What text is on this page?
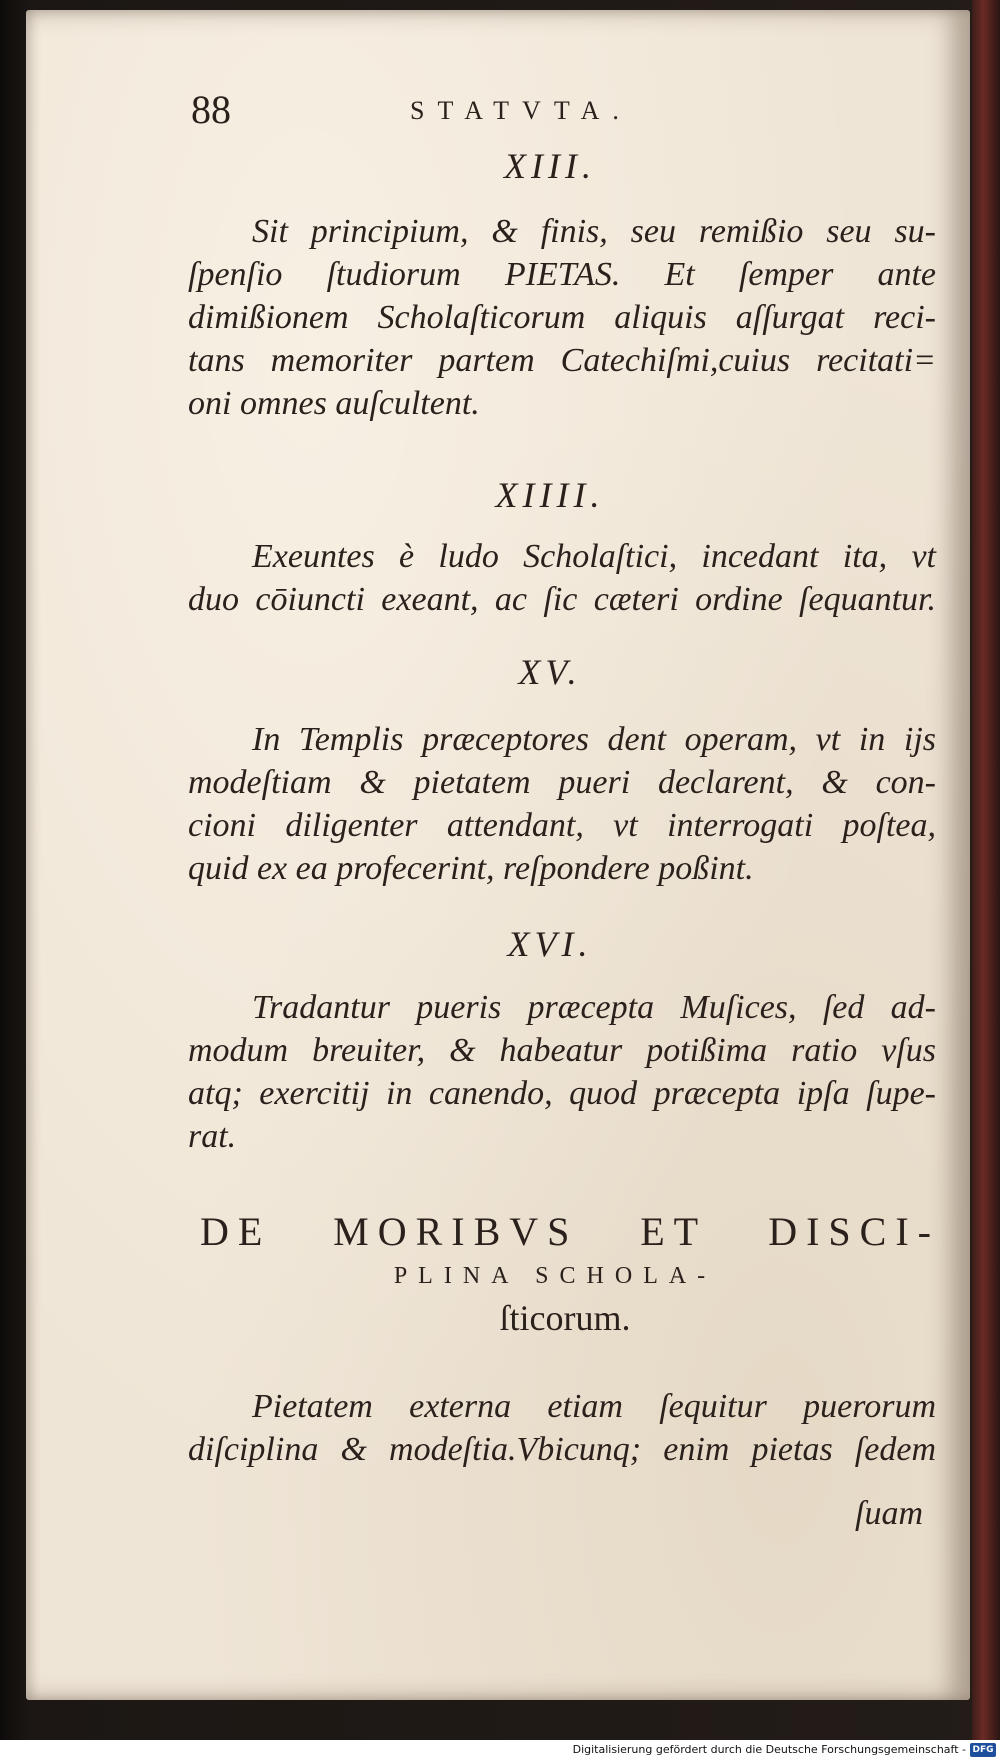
88	STATVTA.
XIII.
Sit principium, & finis, seu remißio seu su-
ſpenſio ſtudiorum PIETAS. Et ſemper ante
dimißionem Scholaſticorum aliquis aſſurgat reci-
tans memoriter partem Catechiſmi,cuius recitati=
oni omnes auſcultent.
XIIII.
Exeuntes è ludo Scholaſtici, incedant ita, vt
duo cōiuncti exeant, ac ſic cæteri ordine ſequantur.
XV.
In Templis præceptores dent operam, vt in ijs
modeſtiam & pietatem pueri declarent, & con-
cioni diligenter attendant, vt interrogati poſtea,
quid ex ea profecerint, reſpondere poßint.
XVI.
Tradantur pueris præcepta Muſices, ſed ad-
modum breuiter, & habeatur potißima ratio vſus
atq; exercitij in canendo, quod præcepta ipſa ſupe-
rat.
DE MORIBVS ET DISCI-
PLINA SCHOLA-
ſticorum.
Pietatem externa etiam ſequitur puerorum
diſciplina & modeſtia.Vbicunq; enim pietas ſedem
ſuam
Digitalisierung gefördert durch die Deutsche Forschungsgemeinschaft - DFG
